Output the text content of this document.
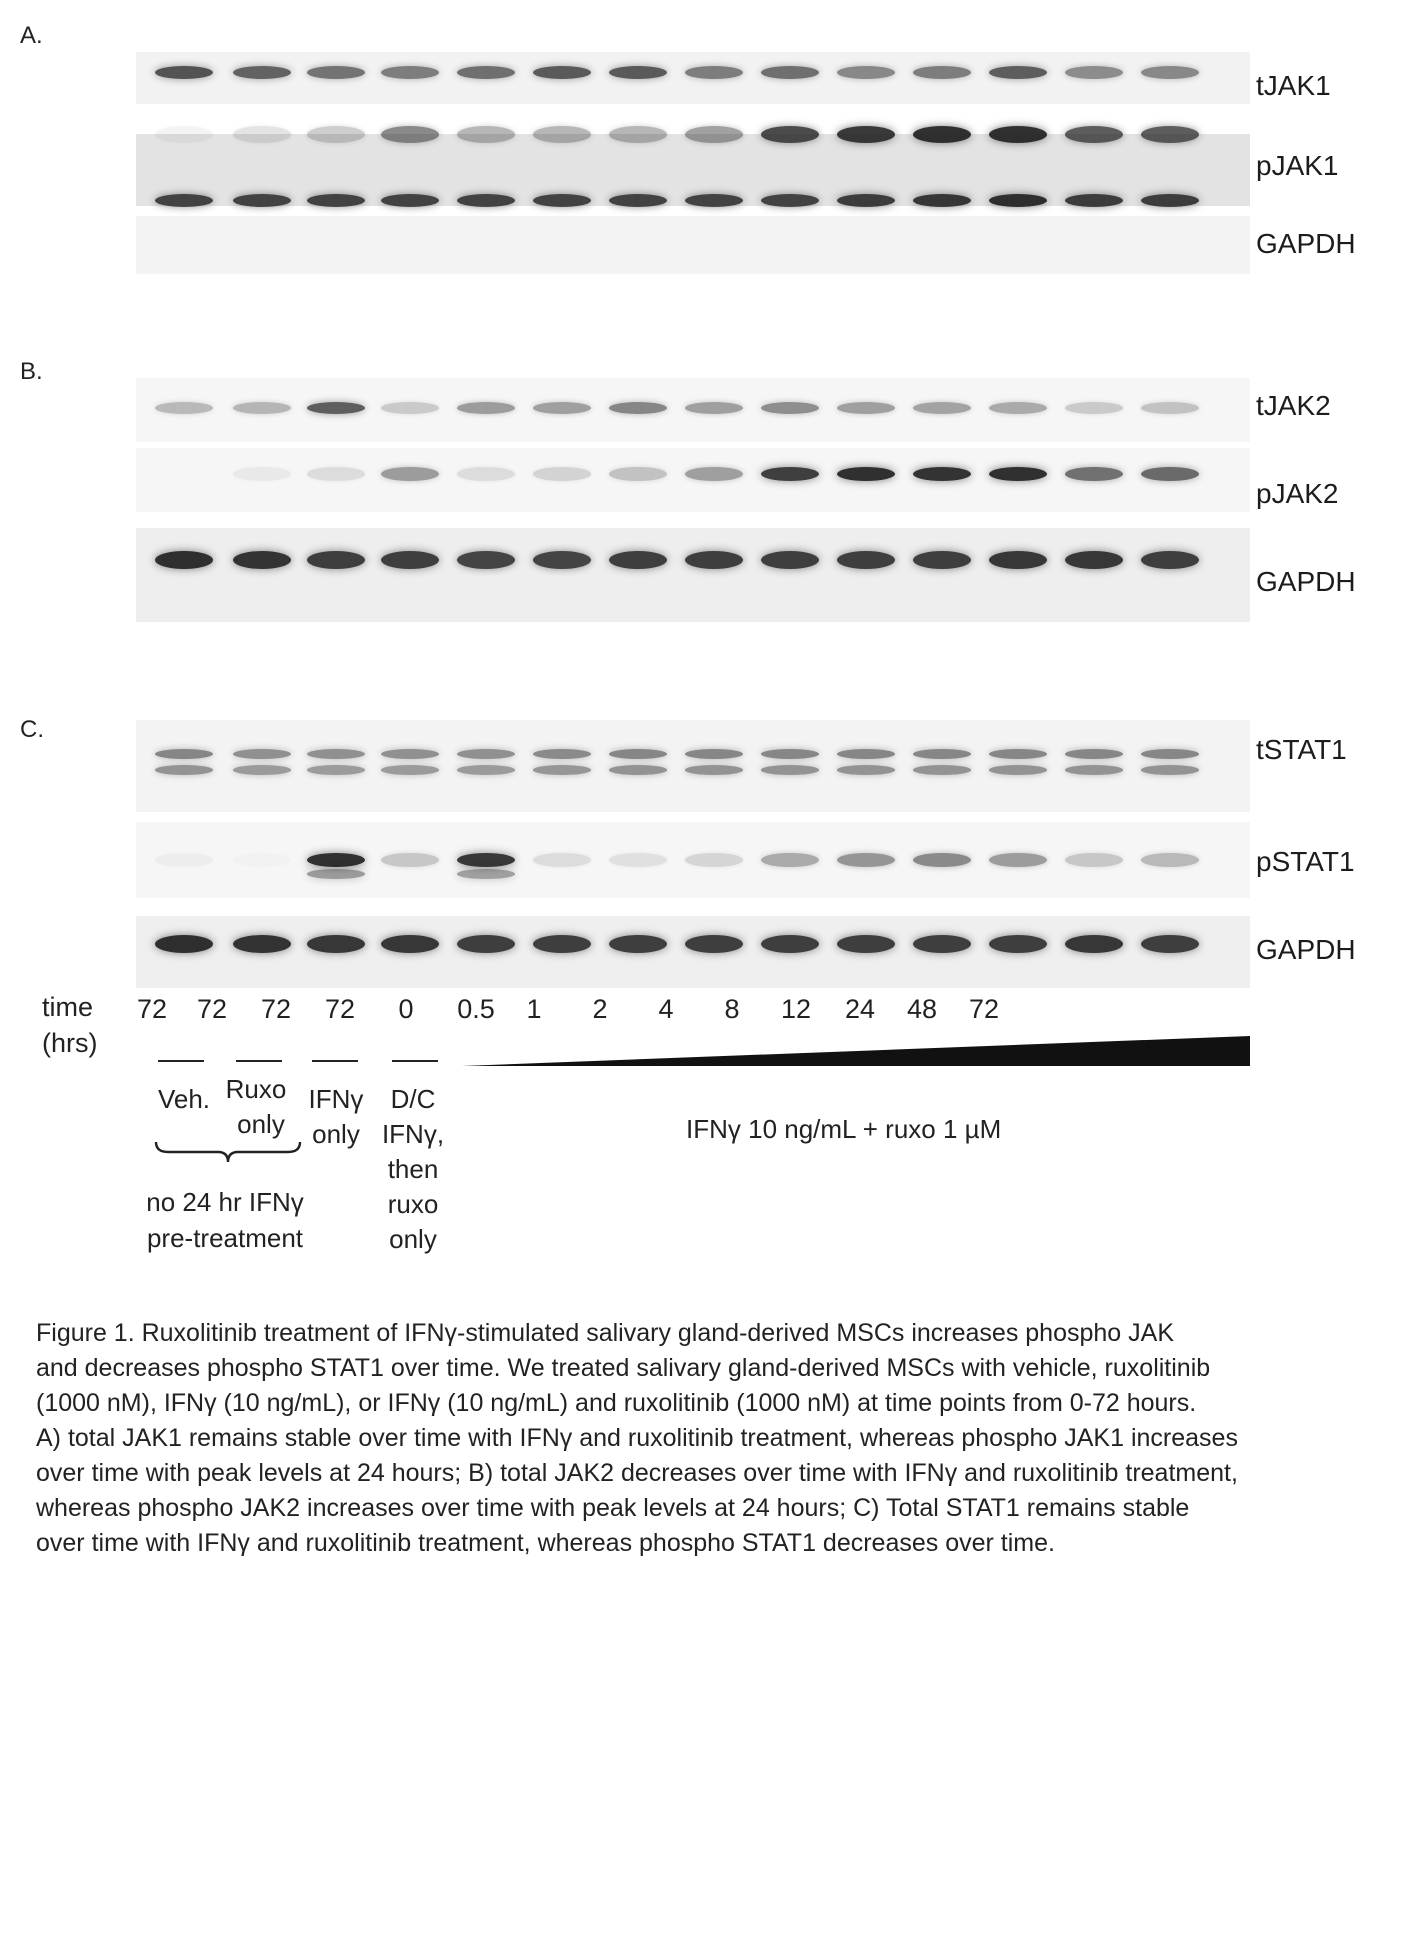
A.
tJAK1
pJAK1
GAPDH
B.
tJAK2
pJAK2
GAPDH
C.
tSTAT1
pSTAT1
GAPDH
time
(hrs)
72	72	72	72	0	0.5	1	2	4	8	12	24	48	72
Veh. Ruxo
only
IFNγ
only
D/C
IFNγ,
then
ruxo
only
IFNγ 10 ng/mL + ruxo 1 µM
no 24 hr IFNγ
pre-treatment

Figure 1. Ruxolitinib treatment of IFNγ-stimulated salivary gland-derived MSCs increases phospho JAK

and decreases phospho STAT1 over time. We treated salivary gland-derived MSCs with vehicle, ruxolitinib

(1000 nM), IFNγ (10 ng/mL), or IFNγ (10 ng/mL) and ruxolitinib (1000 nM) at time points from 0-72 hours.

A) total JAK1 remains stable over time with IFNγ and ruxolitinib treatment, whereas phospho JAK1 increases

over time with peak levels at 24 hours; B) total JAK2 decreases over time with IFNγ and ruxolitinib treatment,

whereas phospho JAK2 increases over time with peak levels at 24 hours; C) Total STAT1 remains stable

over time with IFNγ and ruxolitinib treatment, whereas phospho STAT1 decreases over time.
